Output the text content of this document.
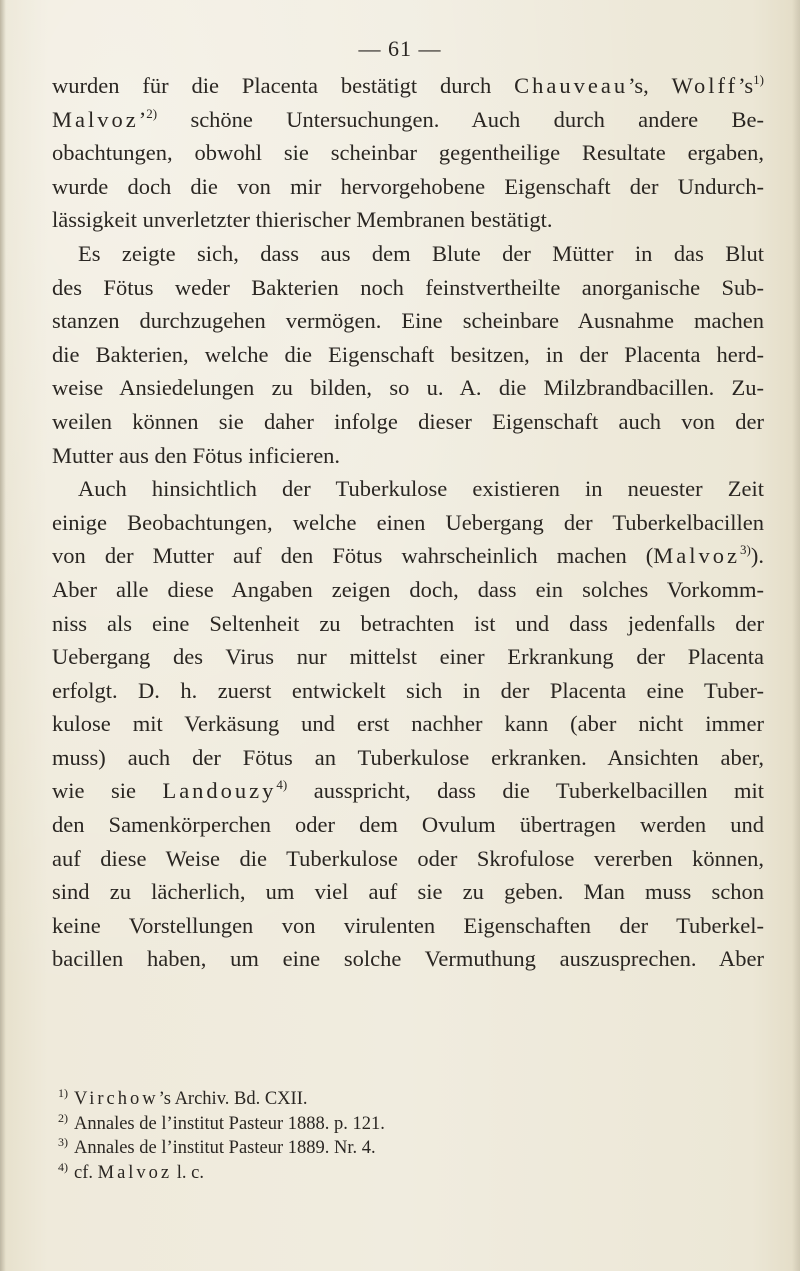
— 61 —
wurden für die Placenta bestätigt durch Chauveau’s, $Wolff’s^{1)}$
Malvoz’$^{2)}$ schöne Untersuchungen. Auch durch andere Be-
obachtungen, obwohl sie scheinbar gegentheilige Resultate ergaben,
wurde doch die von mir hervorgehobene Eigenschaft der Undurch-
lässigkeit unverletzter thierischer Membranen bestätigt.
Es zeigte sich, dass aus dem Blute der Mütter in das Blut
des Fötus weder Bakterien noch feinstvertheilte anorganische Sub-
stanzen durchzugehen vermögen. Eine scheinbare Ausnahme machen
die Bakterien, welche die Eigenschaft besitzen, in der Placenta herd-
weise Ansiedelungen zu bilden, so u. A. die Milzbrandbacillen. Zu-
weilen können sie daher infolge dieser Eigenschaft auch von der
Mutter aus den Fötus inficieren.
Auch hinsichtlich der Tuberkulose existieren in neuester Zeit
einige Beobachtungen, welche einen Uebergang der Tuberkelbacillen
von der Mutter auf den Fötus wahrscheinlich machen (Malvoz$^{3)}$).
Aber alle diese Angaben zeigen doch, dass ein solches Vorkomm-
niss als eine Seltenheit zu betrachten ist und dass jedenfalls der
Uebergang des Virus nur mittelst einer Erkrankung der Placenta
erfolgt. D. h. zuerst entwickelt sich in der Placenta eine Tuber-
kulose mit Verkäsung und erst nachher kann (aber nicht immer
muss) auch der Fötus an Tuberkulose erkranken. Ansichten aber,
wie sie Landouzy$^{4)}$ ausspricht, dass die Tuberkelbacillen mit
den Samenkörperchen oder dem Ovulum übertragen werden und
auf diese Weise die Tuberkulose oder Skrofulose vererben können,
sind zu lächerlich, um viel auf sie zu geben. Man muss schon
keine Vorstellungen von virulenten Eigenschaften der Tuberkel-
bacillen haben, um eine solche Vermuthung auszusprechen. Aber
$^{1)}$ Virchow’s Archiv. Bd. CXII.
$^{2)}$ Annales de l’institut Pasteur 1888. p. 121.
$^{3)}$ Annales de l’institut Pasteur 1889. Nr. 4.
$^{4)}$ cf. Malvoz l. c.
